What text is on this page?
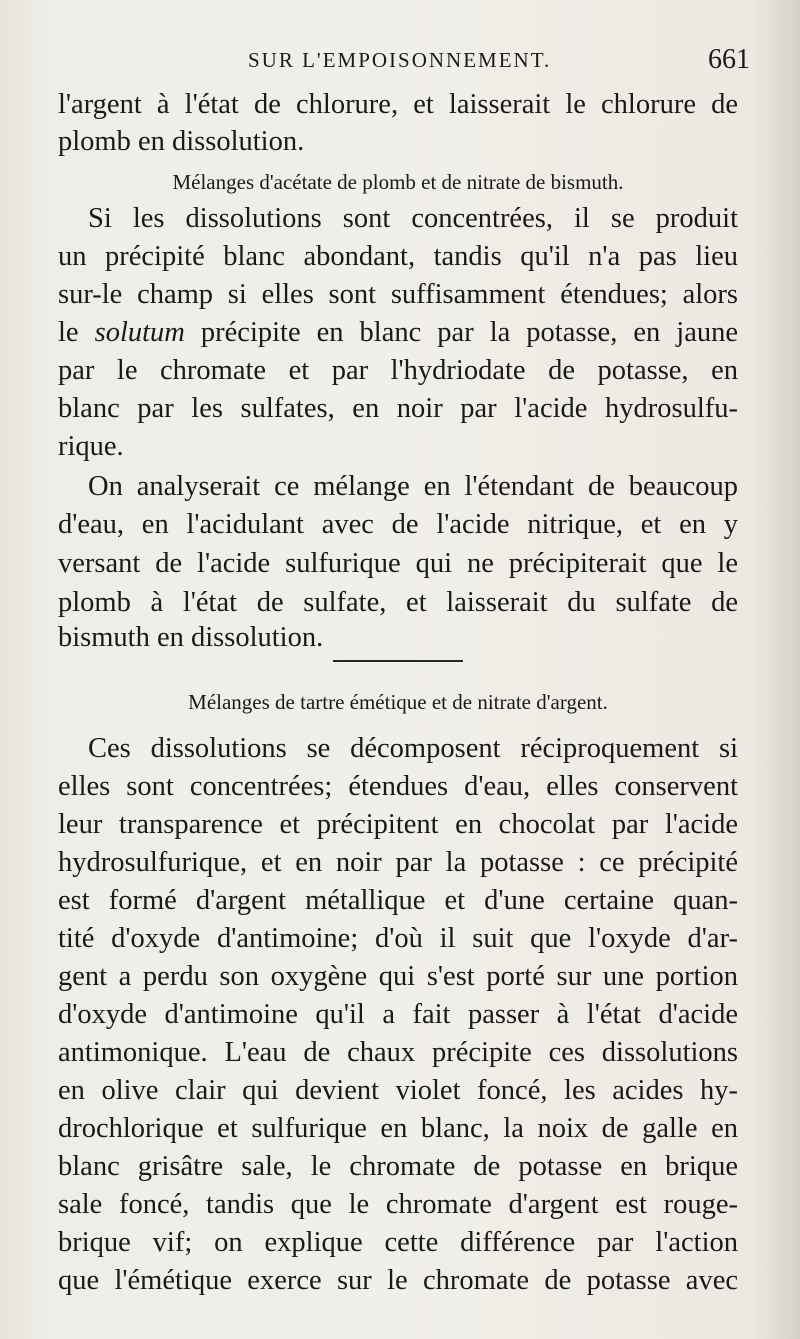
SUR L'EMPOISONNEMENT.	661
l'argent à l'état de chlorure, et laisserait le chlorure de
plomb en dissolution.
Mélanges d'acétate de plomb et de nitrate de bismuth.
Si les dissolutions sont concentrées, il se produit
un précipité blanc abondant, tandis qu'il n'a pas lieu
sur-le champ si elles sont suffisamment étendues; alors
le solutum précipite en blanc par la potasse, en jaune
par le chromate et par l'hydriodate de potasse, en
blanc par les sulfates, en noir par l'acide hydrosulfu-
rique.
On analyserait ce mélange en l'étendant de beaucoup
d'eau, en l'acidulant avec de l'acide nitrique, et en y
versant de l'acide sulfurique qui ne précipiterait que le
plomb à l'état de sulfate, et laisserait du sulfate de
bismuth en dissolution.
Mélanges de tartre émétique et de nitrate d'argent.
Ces dissolutions se décomposent réciproquement si
elles sont concentrées; étendues d'eau, elles conservent
leur transparence et précipitent en chocolat par l'acide
hydrosulfurique, et en noir par la potasse : ce précipité
est formé d'argent métallique et d'une certaine quan-
tité d'oxyde d'antimoine; d'où il suit que l'oxyde d'ar-
gent a perdu son oxygène qui s'est porté sur une portion
d'oxyde d'antimoine qu'il a fait passer à l'état d'acide
antimonique. L'eau de chaux précipite ces dissolutions
en olive clair qui devient violet foncé, les acides hy-
drochlorique et sulfurique en blanc, la noix de galle en
blanc grisâtre sale, le chromate de potasse en brique
sale foncé, tandis que le chromate d'argent est rouge-
brique vif; on explique cette différence par l'action
que l'émétique exerce sur le chromate de potasse avec
